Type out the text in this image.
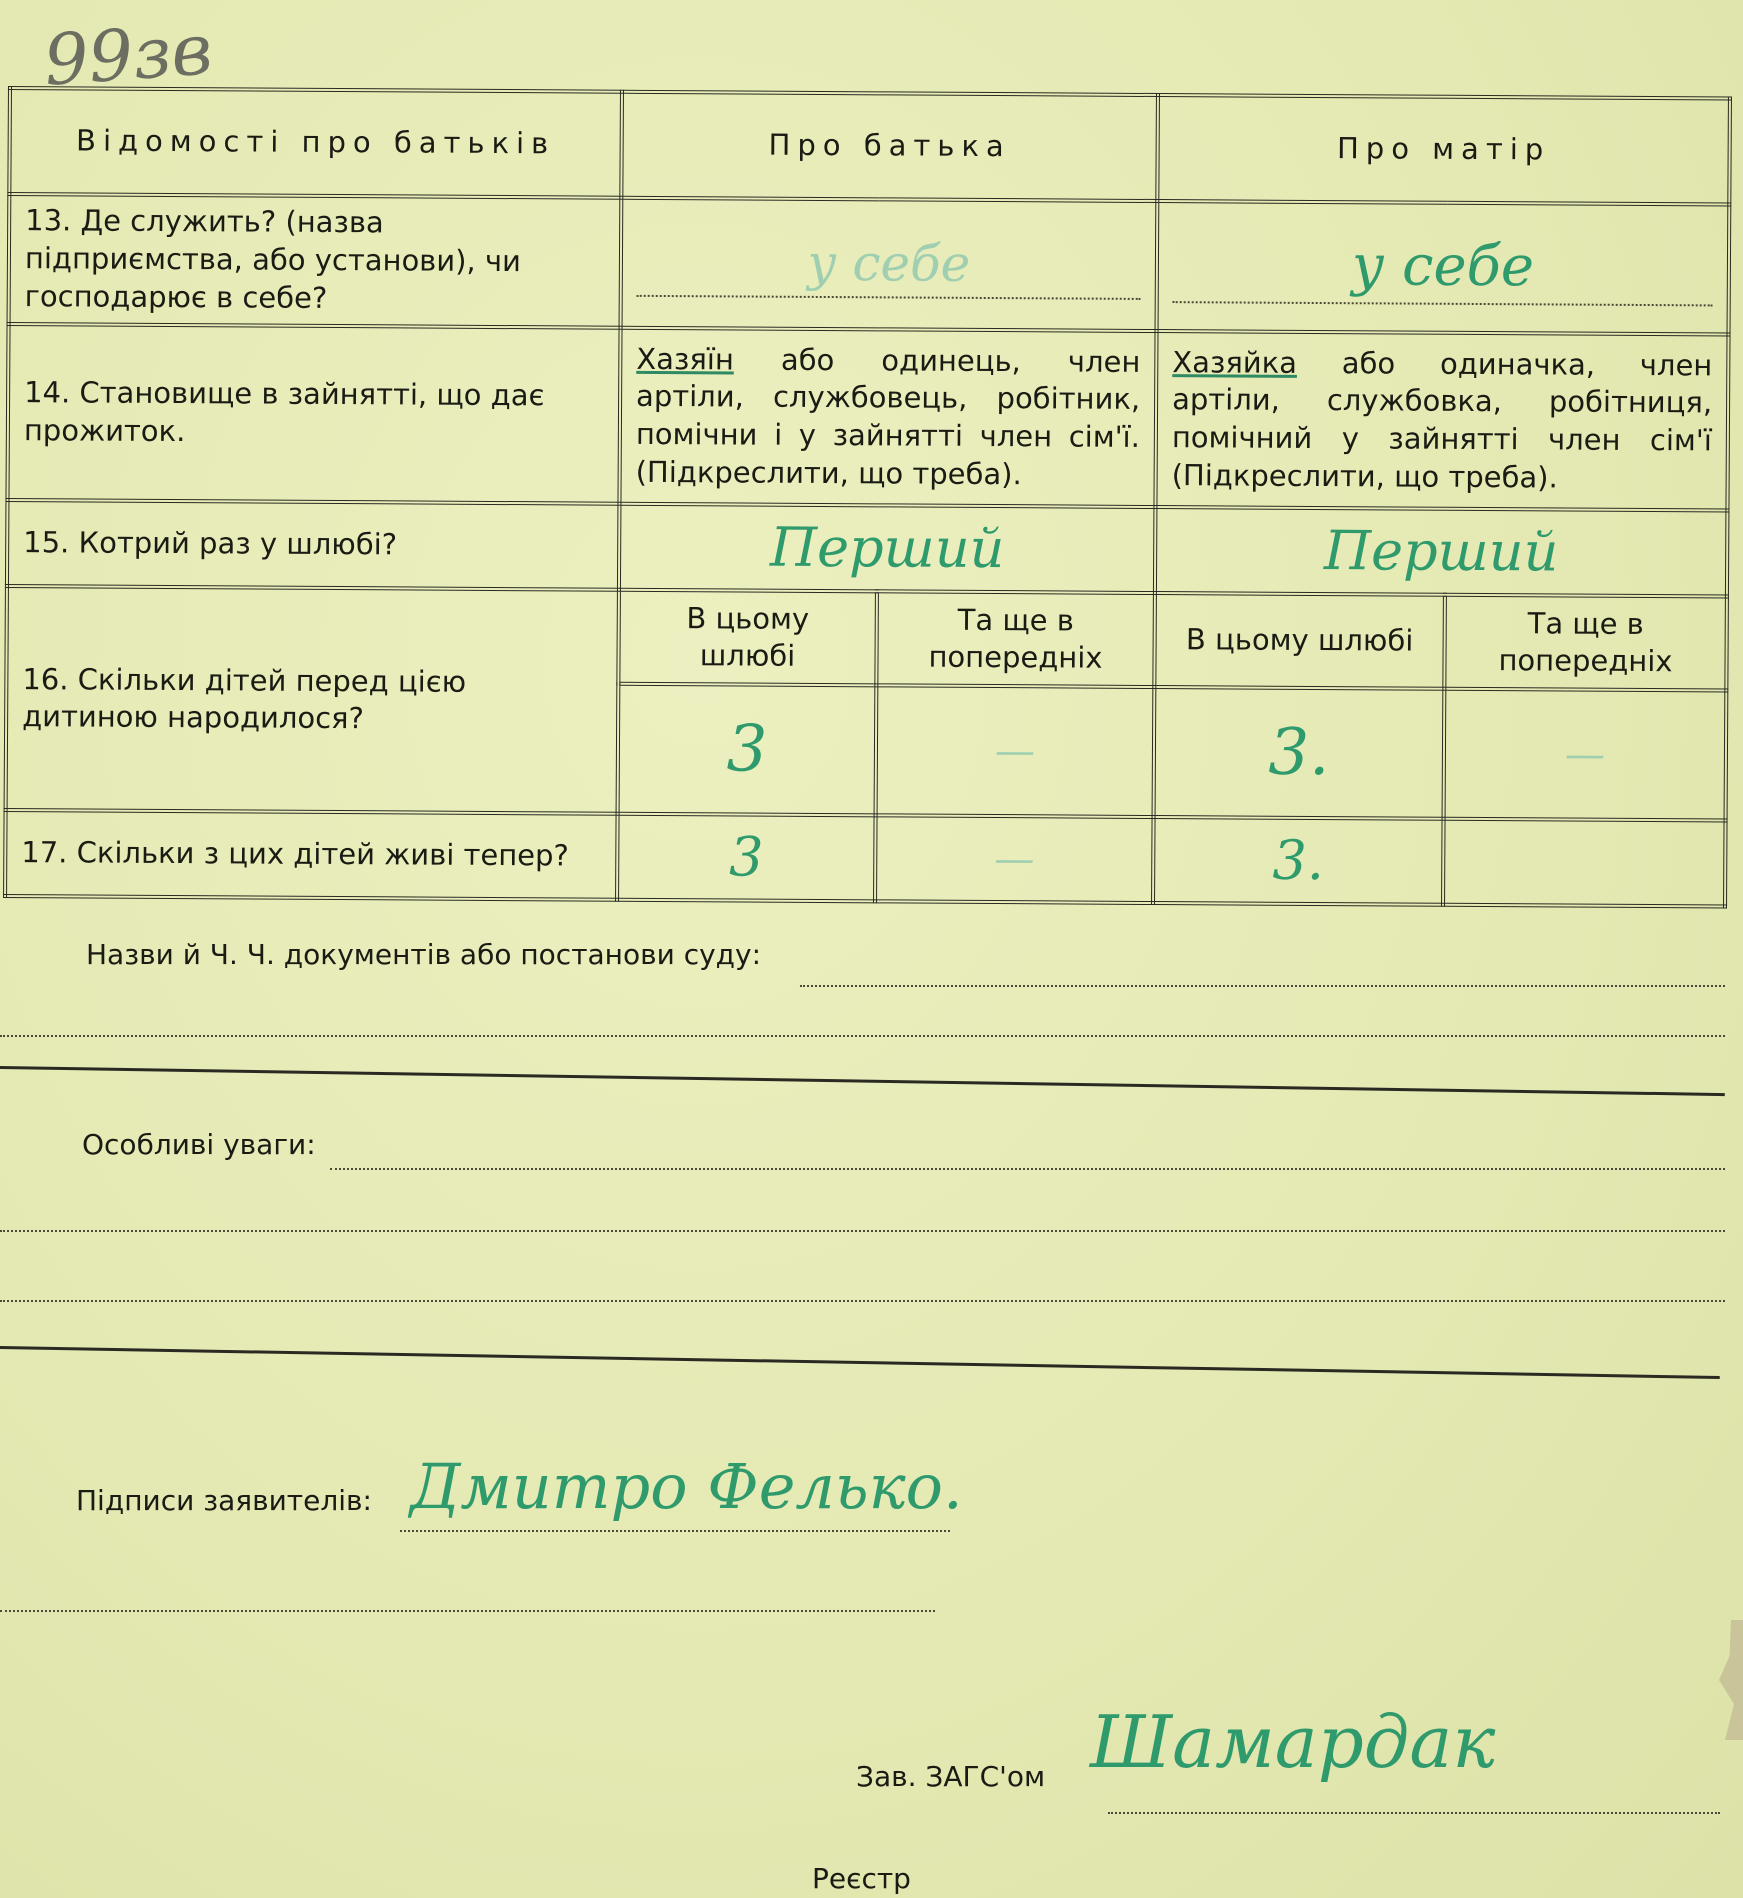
99зв
Відомості про батьків	Про батька		Про матір	
13. Де служить? (назва підприємства, або установи), чи господарює в себе?	у себе		у себе	

14. Становище в зайнятті, що дає прожиток.	Хазяїн або одинець, член артіли, службовець, робітник, помічни і у зайнятті член сім'ї. (Підкреслити, що треба).		Хазяйка або одиначка, член артіли, службовка, робітниця, помічний у зайнятті член сім'ї (Підкреслити, що треба).	
15. Котрий раз у шлюбі?	Перший		Перший	
16. Скільки дітей перед цією дитиною народилося?	В цьому шлюбі	Та ще в попередніх	В цьому шлюбі	Та ще в попередніх
	3	—	3.	—
17. Скільки з цих дітей живі тепер?	3	—	3.	
Назви й Ч. Ч. документів або постанови суду:
Особливі уваги:
Підписи заявителів: Дмитро Фелько.
Зав. ЗАГС'ом Шамардак
Реєстр
